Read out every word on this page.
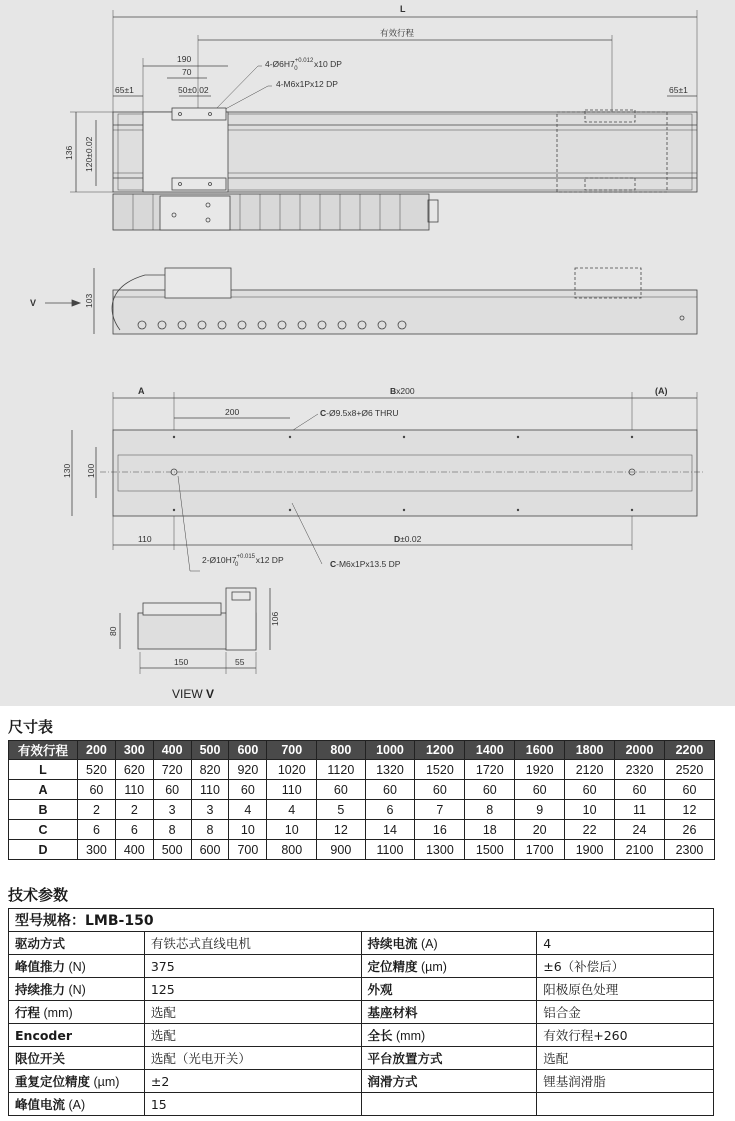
L
有效行程
190
70
50±0.02
65±1	65±1
$4-Ø6H7^{+0.012}$ 0 x10 DP
4-M6x1Px12 DP
136 120±0.02
V	103
A	Bx200	(A)
200	C-Ø9.5x8+Ø6 THRU
130 100
110	D±0.02
$2-Ø10H7^{+0.015}$ 0 x12 DP	C-M6x1Px13.5 DP
80
106
150	55
VIEW V
尺寸表
有效行程	200	300	400	500	600	700	800	1000	1200	1400	1600	1800	2000	2200
L	520	620	720	820	920	1020	1120	1320	1520	1720	1920	2120	2320	2520
A	60	110	60	110	60	110	60	60	60	60	60	60	60	60
B	2	2	3	3	4	4	5	6	7	8	9	10	11	12
C	6	6	8	8	10	10	12	14	16	18	20	22	24	26
D	300	400	500	600	700	800	900	1100	1300	1500	1700	1900	2100	2300
技术参数
型号规格：LMB-150			
驱动方式	有铁芯式直线电机	持续电流 (A)	4
峰值推力 (N)	375	定位精度 (µm)	±6（补偿后）
持续推力 (N)	125	外观	阳极原色处理
行程 (mm)	选配	基座材料	铝合金
Encoder	选配	全长 (mm)	有效行程+260
限位开关	选配（光电开关）	平台放置方式	选配
重复定位精度 (µm)	±2	润滑方式	锂基润滑脂
峰值电流 (A)	15		
